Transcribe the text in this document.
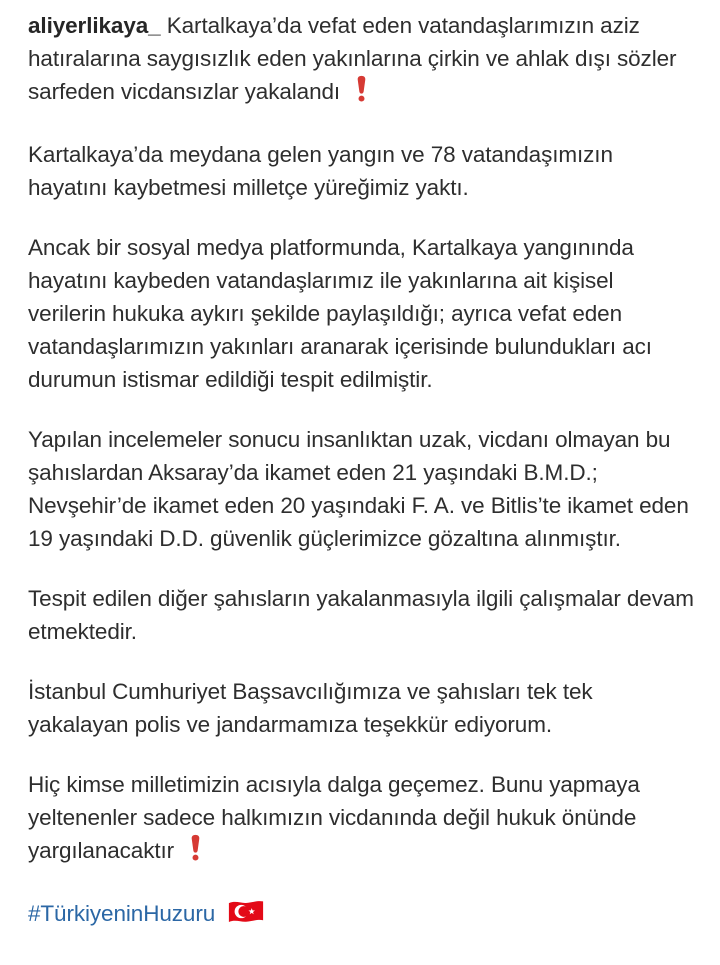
aliyerlikaya_ Kartalkaya’da vefat eden vatandaşlarımızın aziz hatıralarına saygısızlık eden yakınlarına çirkin ve ahlak dışı sözler sarfeden vicdansızlar yakalandı

Kartalkaya’da meydana gelen yangın ve 78 vatandaşımızın hayatını kaybetmesi milletçe yüreğimiz yaktı.

Ancak bir sosyal medya platformunda, Kartalkaya yangınında hayatını kaybeden vatandaşlarımız ile yakınlarına ait kişisel verilerin hukuka aykırı şekilde paylaşıldığı; ayrıca vefat eden vatandaşlarımızın yakınları aranarak içerisinde bulundukları acı durumun istismar edildiği tespit edilmiştir.

Yapılan incelemeler sonucu insanlıktan uzak, vicdanı olmayan bu şahıslardan Aksaray’da ikamet eden 21 yaşındaki B.M.D.; Nevşehir’de ikamet eden 20 yaşındaki F. A. ve Bitlis’te ikamet eden 19 yaşındaki D.D. güvenlik güçlerimizce gözaltına alınmıştır.

Tespit edilen diğer şahısların yakalanmasıyla ilgili çalışmalar devam etmektedir.

İstanbul Cumhuriyet Başsavcılığımıza ve şahısları tek tek yakalayan polis ve jandarmamıza teşekkür ediyorum.

Hiç kimse milletimizin acısıyla dalga geçemez. Bunu yapmaya yeltenenler sadece halkımızın vicdanında değil hukuk önünde yargılanacaktır

#TürkiyeninHuzuru
